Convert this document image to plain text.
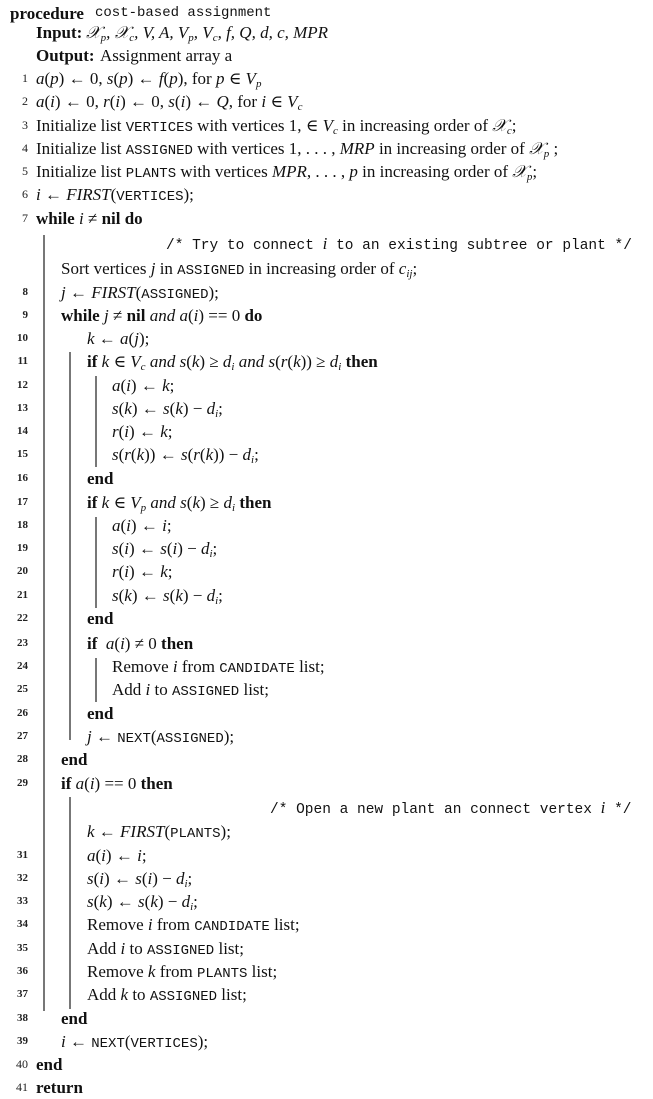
procedure cost-based assignment
Input: 𝒳$_p$, 𝒳$_c$, V, A, $V_p$, $V_c$, f, Q, d, c, MPR
Output: Assignment array a
1 a(p) ← 0, s(p) ← f(p), for p ∈ $V_p$
2 a(i) ← 0, r(i) ← 0, s(i) ← Q, for i ∈ $V_c$
3 Initialize list VERTICES with vertices 1, ∈ $V_c$ in increasing order of 𝒳$_c$;
4 Initialize list ASSIGNED with vertices 1, . . . , MRP in increasing order of 𝒳$_p$ ;
5 Initialize list PLANTS with vertices MPR, . . . , p in increasing order of 𝒳$_p$;
6 i ← FIRST(VERTICES);
7 while i ≠ nil do
/* Try to connect i to an existing subtree or plant */
Sort vertices j in ASSIGNED in increasing order of $c_{ij}$;
8 j ← FIRST(ASSIGNED);
9 while j ≠ nil and a(i) == 0 do
10	k ← a(j);
11	if k ∈ $V_c$ and $s(k) \ge d_i$ and $s(r(k)) \ge d_i$ then
12	a(i) ← k;
13	s(k) ← $s(k) - d_i$;
14	r(i) ← k;
15	s(r(k)) ← $s(r(k)) - d_i$;
16	end
17	if k ∈ $V_p$ and $s(k) \ge d_i$ then
18	a(i) ← i;
19	s(i) ← $s(i) - d_i$;
20	r(i) ← k;
21	s(k) ← $s(k) - d_i$;
22	end
23	if a(i) ≠ 0 then
24	Remove i from CANDIDATE list;
25	Add i to ASSIGNED list;
26	end
27	j ← NEXT(ASSIGNED);
28 end
29 if a(i) == 0 then
/* Open a new plant an connect vertex i */
k ← FIRST(PLANTS);
31	a(i) ← i;
32	s(i) ← $s(i) - d_i$;
33	s(k) ← $s(k) - d_i$;
34	Remove i from CANDIDATE list;
35	Add i to ASSIGNED list;
36	Remove k from PLANTS list;
37	Add k to ASSIGNED list;
38 end
39 i ← NEXT(VERTICES);
40 end
41 return
